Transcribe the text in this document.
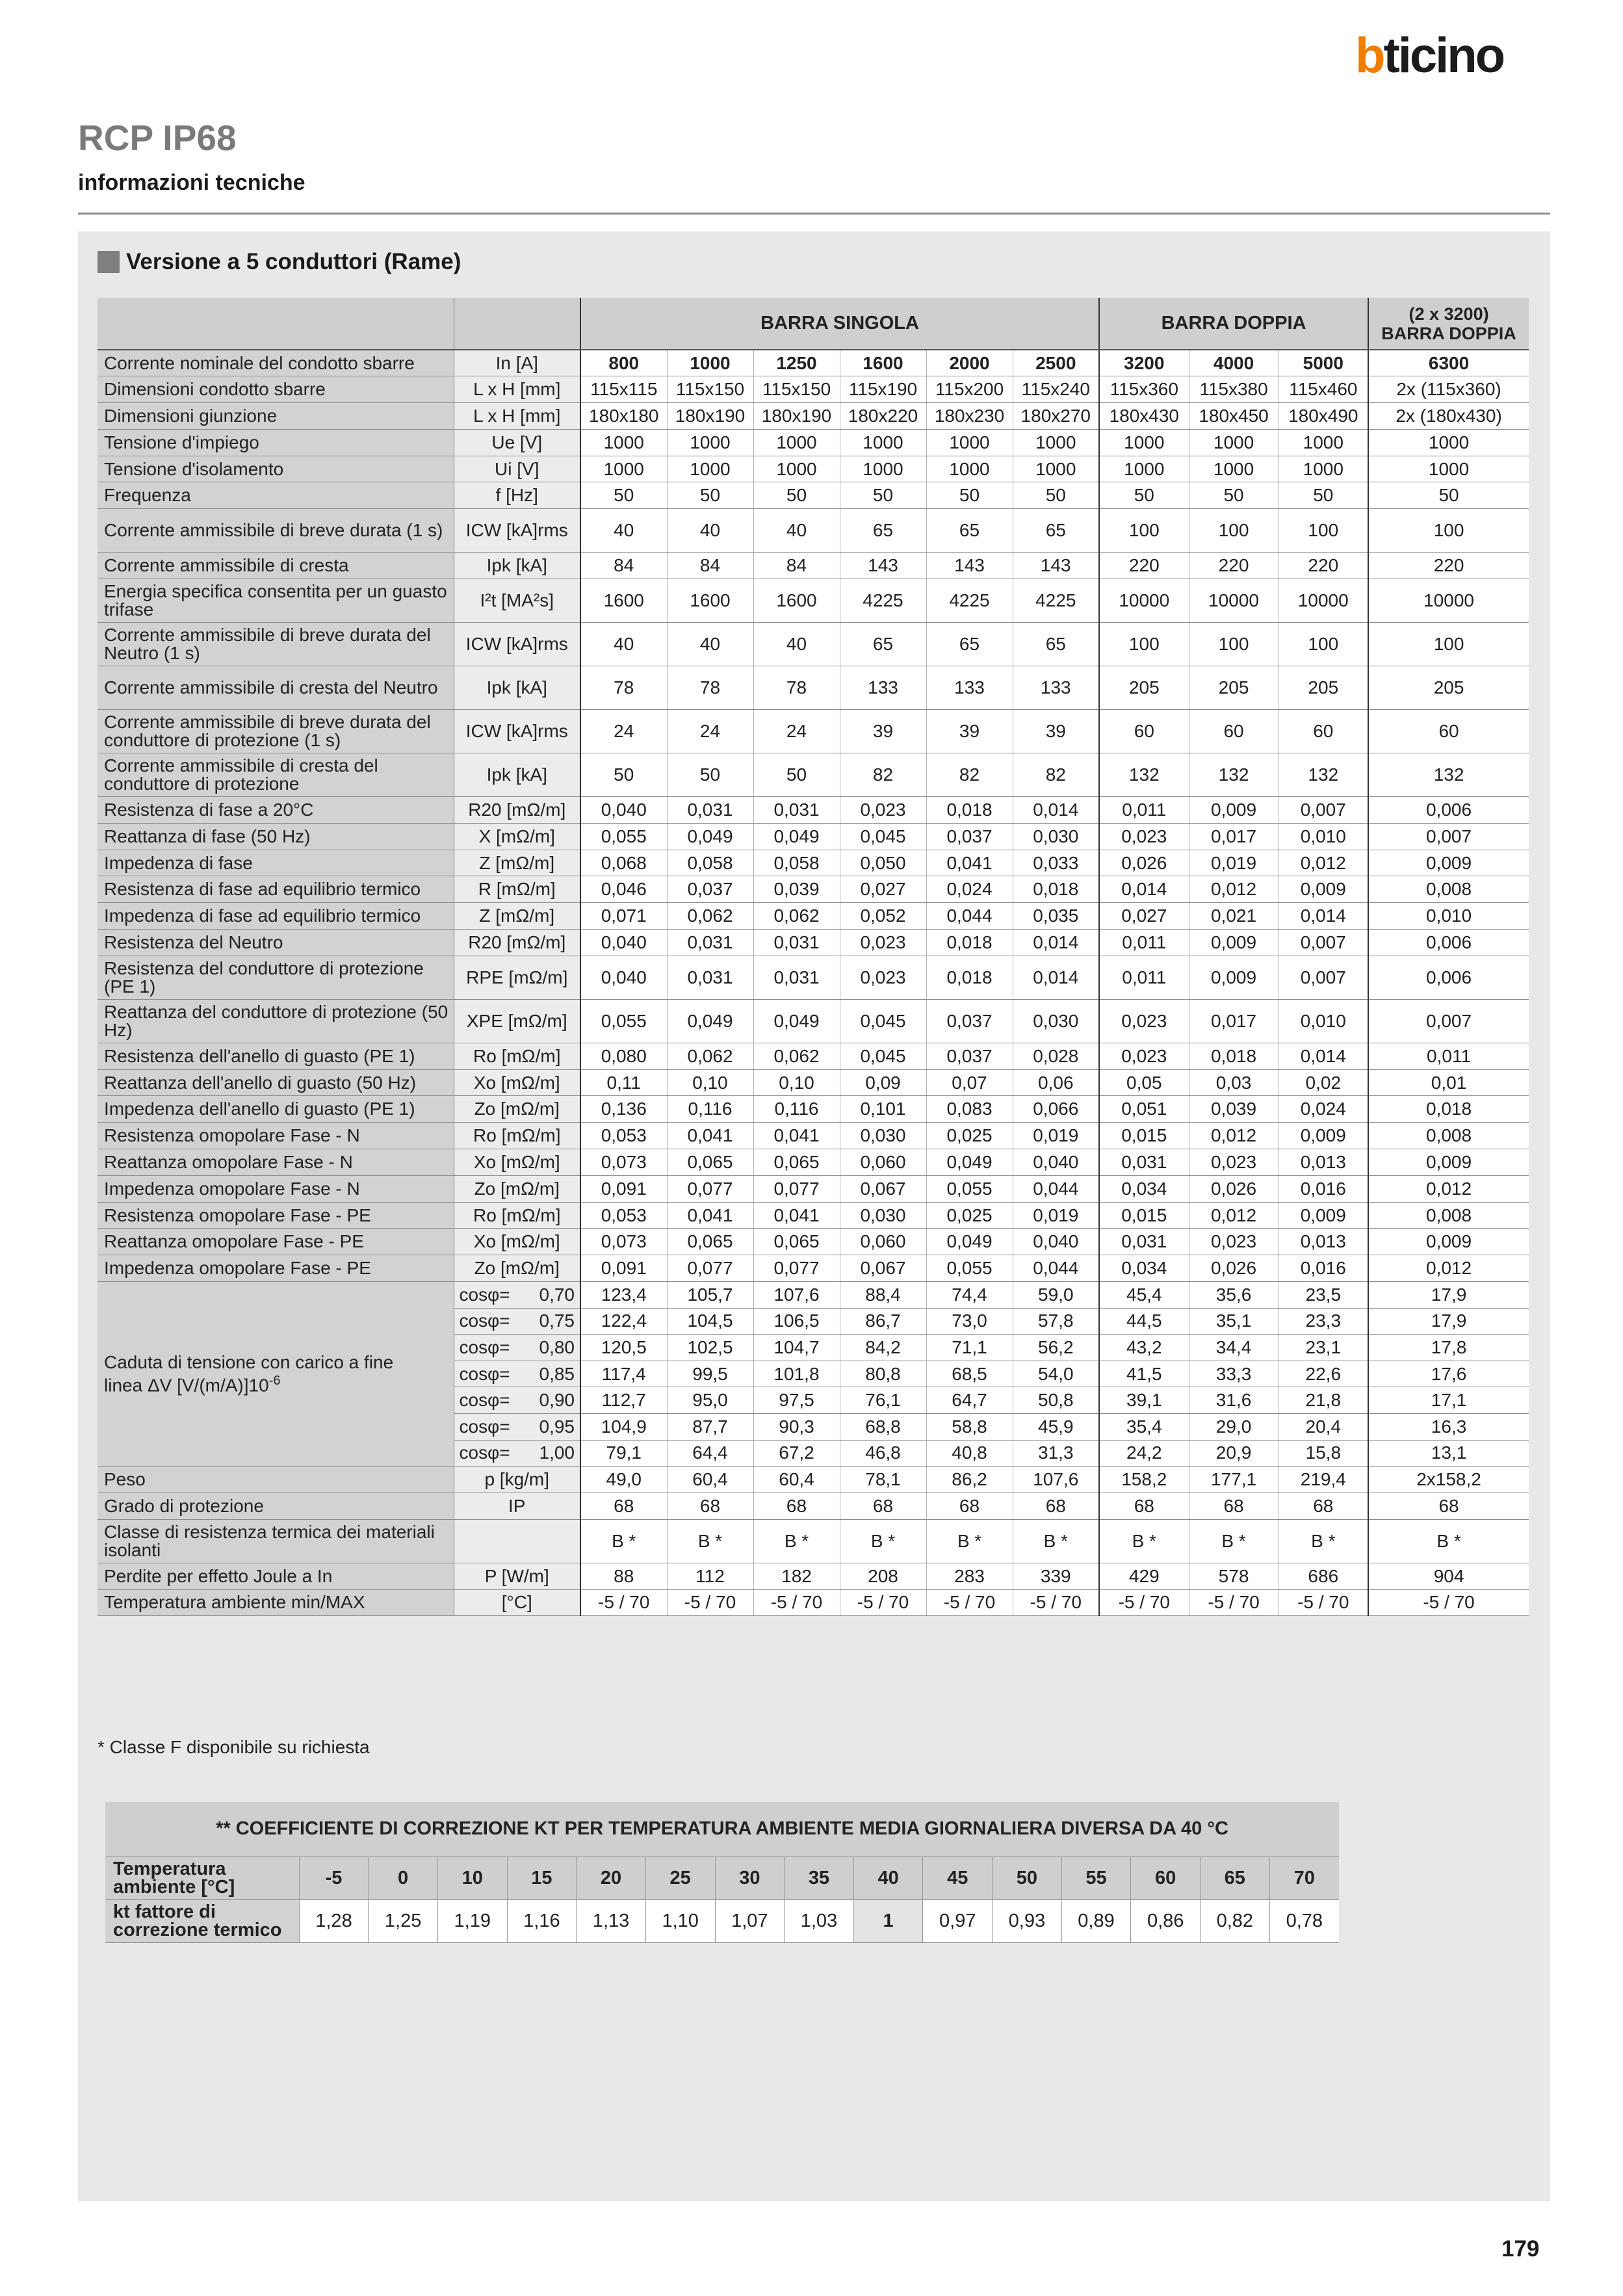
bticino
RCP IP68
informazioni tecniche
Versione a 5 conduttori (Rame)
		BARRA SINGOLA						BARRA DOPPIA			(2 x 3200)
BARRA DOPPIA
Corrente nominale del condotto sbarre	In [A]	800	1000	1250	1600	2000	2500	3200	4000	5000	6300
Dimensioni condotto sbarre	L x H [mm]	115x115	115x150	115x150	115x190	115x200	115x240	115x360	115x380	115x460	2x (115x360)
Dimensioni giunzione	L x H [mm]	180x180	180x190	180x190	180x220	180x230	180x270	180x430	180x450	180x490	2x (180x430)
Tensione d'impiego	Ue [V]	1000	1000	1000	1000	1000	1000	1000	1000	1000	1000
Tensione d'isolamento	Ui [V]	1000	1000	1000	1000	1000	1000	1000	1000	1000	1000
Frequenza	f [Hz]	50	50	50	50	50	50	50	50	50	50
Corrente ammissibile di breve durata (1 s)	ICW [kA]rms	40	40	40	65	65	65	100	100	100	100
Corrente ammissibile di cresta	Ipk [kA]	84	84	84	143	143	143	220	220	220	220
Energia specifica consentita per un guasto trifase	I²t [MA²s]	1600	1600	1600	4225	4225	4225	10000	10000	10000	10000
Corrente ammissibile di breve durata del Neutro (1 s)	ICW [kA]rms	40	40	40	65	65	65	100	100	100	100
Corrente ammissibile di cresta del Neutro	Ipk [kA]	78	78	78	133	133	133	205	205	205	205
Corrente ammissibile di breve durata del conduttore di protezione (1 s)	ICW [kA]rms	24	24	24	39	39	39	60	60	60	60
Corrente ammissibile di cresta del conduttore di protezione	Ipk [kA]	50	50	50	82	82	82	132	132	132	132
Resistenza di fase a 20°C	R20 [mΩ/m]	0,040	0,031	0,031	0,023	0,018	0,014	0,011	0,009	0,007	0,006
Reattanza di fase (50 Hz)	X [mΩ/m]	0,055	0,049	0,049	0,045	0,037	0,030	0,023	0,017	0,010	0,007
Impedenza di fase	Z [mΩ/m]	0,068	0,058	0,058	0,050	0,041	0,033	0,026	0,019	0,012	0,009
Resistenza di fase ad equilibrio termico	R [mΩ/m]	0,046	0,037	0,039	0,027	0,024	0,018	0,014	0,012	0,009	0,008
Impedenza di fase ad equilibrio termico	Z [mΩ/m]	0,071	0,062	0,062	0,052	0,044	0,035	0,027	0,021	0,014	0,010
Resistenza del Neutro	R20 [mΩ/m]	0,040	0,031	0,031	0,023	0,018	0,014	0,011	0,009	0,007	0,006
Resistenza del conduttore di protezione (PE 1)	RPE [mΩ/m]	0,040	0,031	0,031	0,023	0,018	0,014	0,011	0,009	0,007	0,006
Reattanza del conduttore di protezione (50 Hz)	XPE [mΩ/m]	0,055	0,049	0,049	0,045	0,037	0,030	0,023	0,017	0,010	0,007
Resistenza dell'anello di guasto (PE 1)	Ro [mΩ/m]	0,080	0,062	0,062	0,045	0,037	0,028	0,023	0,018	0,014	0,011
Reattanza dell'anello di guasto (50 Hz)	Xo [mΩ/m]	0,11	0,10	0,10	0,09	0,07	0,06	0,05	0,03	0,02	0,01
Impedenza dell'anello di guasto (PE 1)	Zo [mΩ/m]	0,136	0,116	0,116	0,101	0,083	0,066	0,051	0,039	0,024	0,018
Resistenza omopolare Fase - N	Ro [mΩ/m]	0,053	0,041	0,041	0,030	0,025	0,019	0,015	0,012	0,009	0,008
Reattanza omopolare Fase - N	Xo [mΩ/m]	0,073	0,065	0,065	0,060	0,049	0,040	0,031	0,023	0,013	0,009
Impedenza omopolare Fase - N	Zo [mΩ/m]	0,091	0,077	0,077	0,067	0,055	0,044	0,034	0,026	0,016	0,012
Resistenza omopolare Fase - PE	Ro [mΩ/m]	0,053	0,041	0,041	0,030	0,025	0,019	0,015	0,012	0,009	0,008
Reattanza omopolare Fase - PE	Xo [mΩ/m]	0,073	0,065	0,065	0,060	0,049	0,040	0,031	0,023	0,013	0,009
Impedenza omopolare Fase - PE	Zo [mΩ/m]	0,091	0,077	0,077	0,067	0,055	0,044	0,034	0,026	0,016	0,012
Caduta di tensione con carico a fine
linea ΔV $[V/(m/A)]10^{-6}$	cosφ= 0,70	123,4	105,7	107,6	88,4	74,4	59,0	45,4	35,6	23,5	17,9

	cosφ= 0,75	122,4	104,5	106,5	86,7	73,0	57,8	44,5	35,1	23,3	17,9

	cosφ= 0,80	120,5	102,5	104,7	84,2	71,1	56,2	43,2	34,4	23,1	17,8

	cosφ= 0,85	117,4	99,5	101,8	80,8	68,5	54,0	41,5	33,3	22,6	17,6

	cosφ= 0,90	112,7	95,0	97,5	76,1	64,7	50,8	39,1	31,6	21,8	17,1

	cosφ= 0,95	104,9	87,7	90,3	68,8	58,8	45,9	35,4	29,0	20,4	16,3

	cosφ= 1,00	79,1	64,4	67,2	46,8	40,8	31,3	24,2	20,9	15,8	13,1
Peso	p [kg/m]	49,0	60,4	60,4	78,1	86,2	107,6	158,2	177,1	219,4	2x158,2
Grado di protezione	IP	68	68	68	68	68	68	68	68	68	68
Classe di resistenza termica dei materiali isolanti		B *	B *	B *	B *	B *	B *	B *	B *	B *	B *
Perdite per effetto Joule a In	P [W/m]	88	112	182	208	283	339	429	578	686	904
Temperatura ambiente min/MAX	[°C]	-5 / 70	-5 / 70	-5 / 70	-5 / 70	-5 / 70	-5 / 70	-5 / 70	-5 / 70	-5 / 70	-5 / 70
* Classe F disponibile su richiesta
** COEFFICIENTE DI CORREZIONE KT PER TEMPERATURA AMBIENTE MEDIA GIORNALIERA DIVERSA DA 40 °C															
Temperatura ambiente [°C]	-5	0	10	15	20	25	30	35	40	45	50	55	60	65	70
kt fattore di correzione termico	1,28	1,25	1,19	1,16	1,13	1,10	1,07	1,03	1	0,97	0,93	0,89	0,86	0,82	0,78
179
